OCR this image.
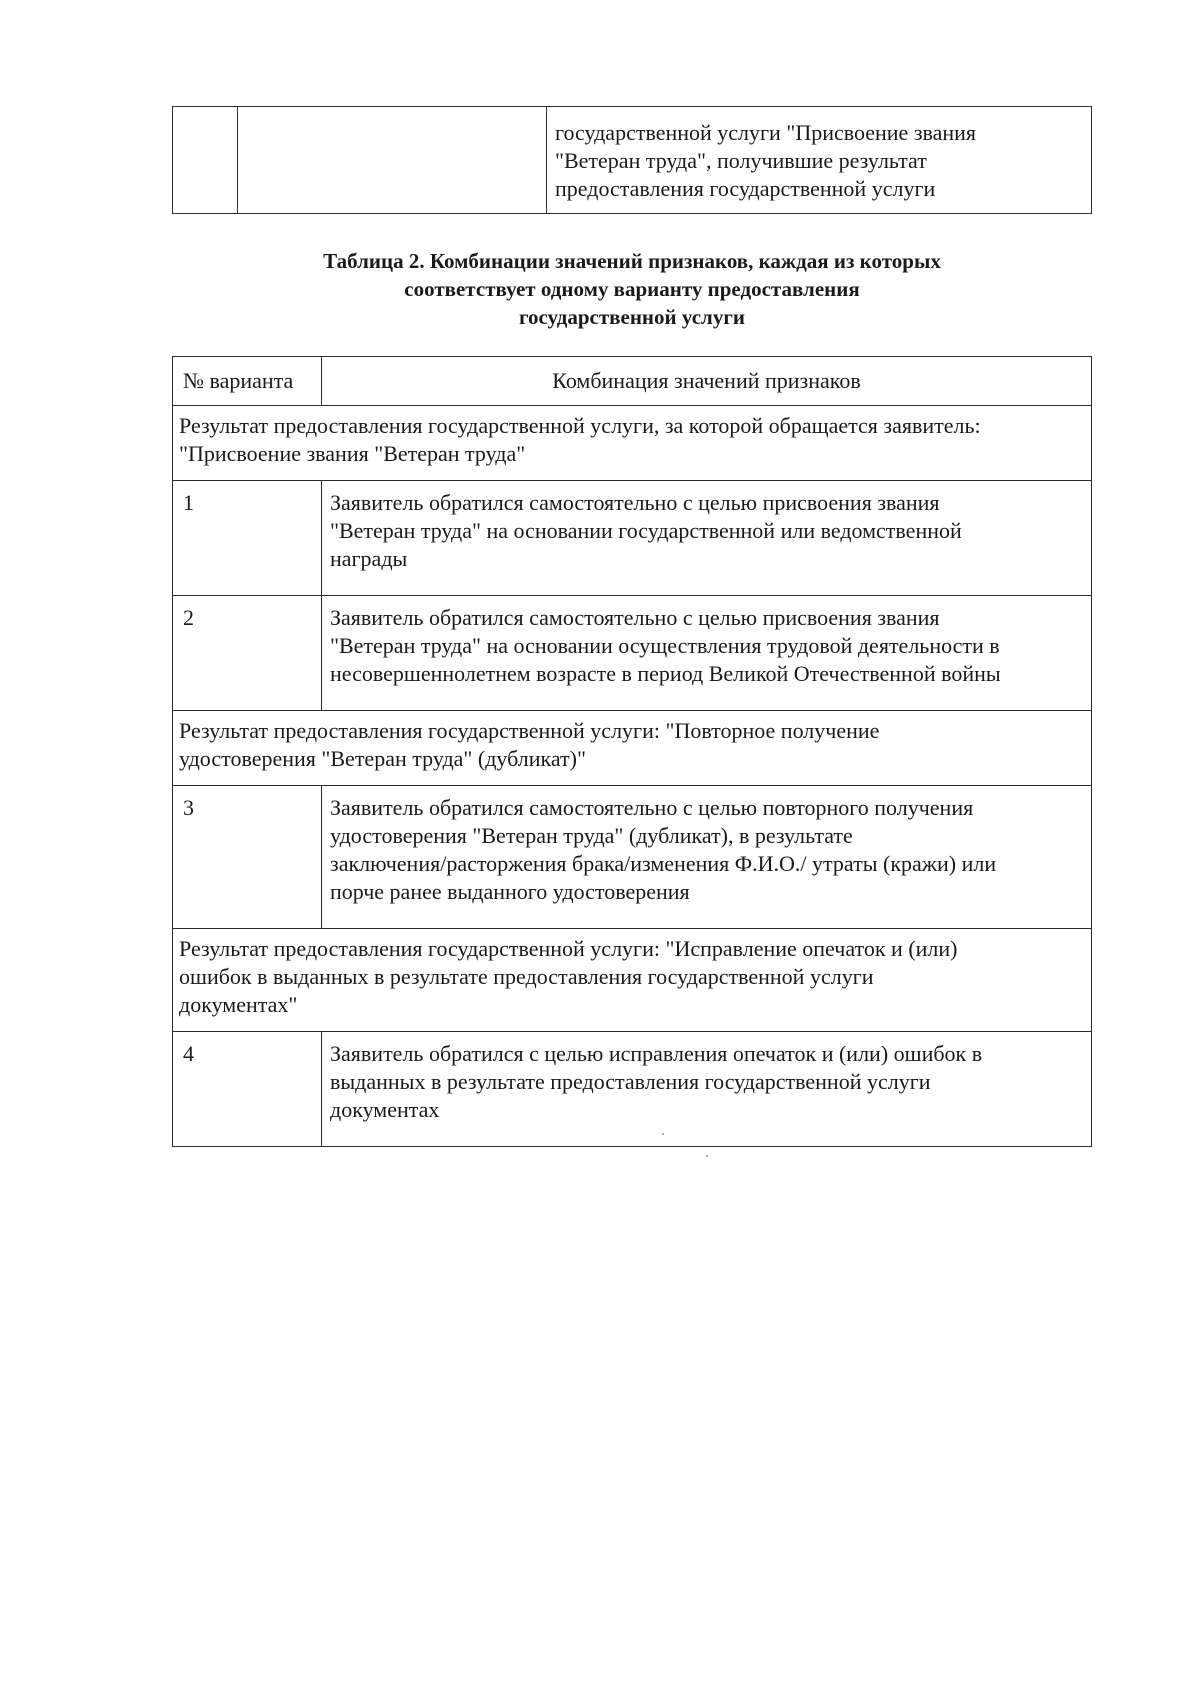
государственной услуги "Присвоение звания
"Ветеран труда", получившие результат
предоставления государственной услуги
Таблица 2. Комбинации значений признаков, каждая из которых
соответствует одному варианту предоставления
государственной услуги
№ варианта	Комбинация значений признаков

Результат предоставления государственной услуги, за которой обращается заявитель:
"Присвоение звания "Ветеран труда"	

1	Заявитель обратился самостоятельно с целью присвоения звания
"Ветеран труда" на основании государственной или ведомственной
награды

2	Заявитель обратился самостоятельно с целью присвоения звания
"Ветеран труда" на основании осуществления трудовой деятельности в
несовершеннолетнем возрасте в период Великой Отечественной войны

Результат предоставления государственной услуги: "Повторное получение
удостоверения "Ветеран труда" (дубликат)"	

3	Заявитель обратился самостоятельно с целью повторного получения
удостоверения "Ветеран труда" (дубликат), в результате
заключения/расторжения брака/изменения Ф.И.О./ утраты (кражи) или
порче ранее выданного удостоверения

Результат предоставления государственной услуги: "Исправление опечаток и (или)
ошибок в выданных в результате предоставления государственной услуги
документах"	

4	Заявитель обратился с целью исправления опечаток и (или) ошибок в
выданных в результате предоставления государственной услуги
документах
